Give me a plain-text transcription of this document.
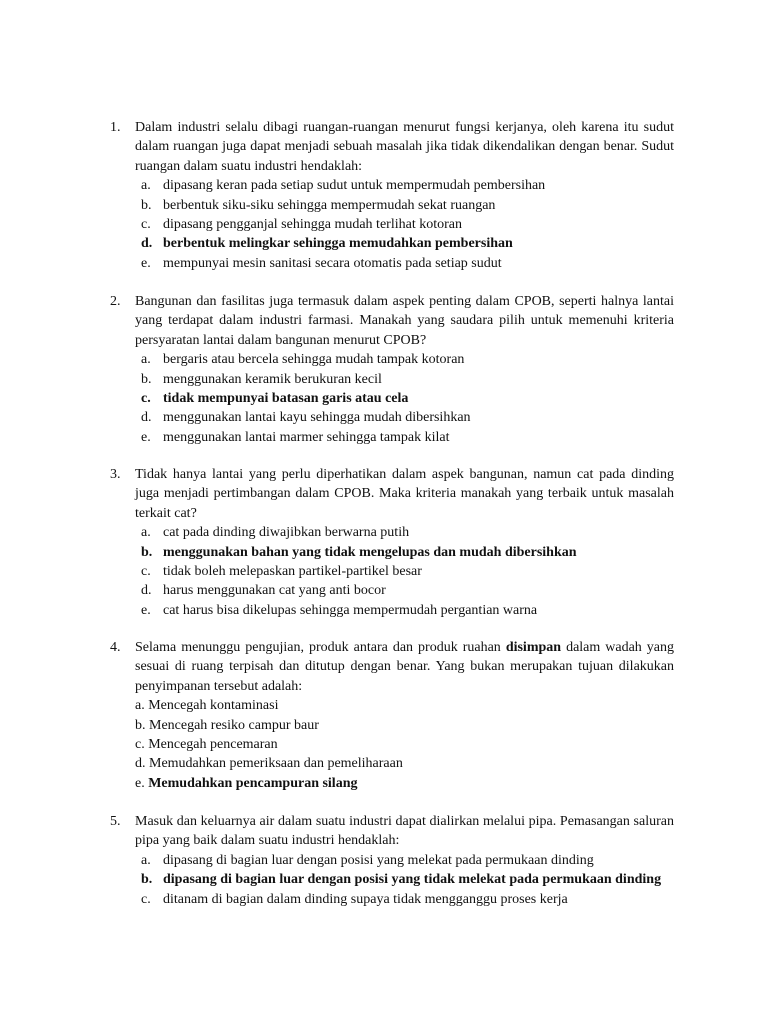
1. Dalam industri selalu dibagi ruangan-ruangan menurut fungsi kerjanya, oleh karena itu sudut dalam ruangan juga dapat menjadi sebuah masalah jika tidak dikendalikan dengan benar. Sudut ruangan dalam suatu industri hendaklah:
a. dipasang keran pada setiap sudut untuk mempermudah pembersihan
b. berbentuk siku-siku sehingga mempermudah sekat ruangan
c. dipasang pengganjal sehingga mudah terlihat kotoran
d. berbentuk melingkar sehingga memudahkan pembersihan
e. mempunyai mesin sanitasi secara otomatis pada setiap sudut
2. Bangunan dan fasilitas juga termasuk dalam aspek penting dalam CPOB, seperti halnya lantai yang terdapat dalam industri farmasi. Manakah yang saudara pilih untuk memenuhi kriteria persyaratan lantai dalam bangunan menurut CPOB?
a. bergaris atau bercela sehingga mudah tampak kotoran
b. menggunakan keramik berukuran kecil
c. tidak mempunyai batasan garis atau cela
d. menggunakan lantai kayu sehingga mudah dibersihkan
e. menggunakan lantai marmer sehingga tampak kilat
3. Tidak hanya lantai yang perlu diperhatikan dalam aspek bangunan, namun cat pada dinding juga menjadi pertimbangan dalam CPOB. Maka kriteria manakah yang terbaik untuk masalah terkait cat?
a. cat pada dinding diwajibkan berwarna putih
b. menggunakan bahan yang tidak mengelupas dan mudah dibersihkan
c. tidak boleh melepaskan partikel-partikel besar
d. harus menggunakan cat yang anti bocor
e. cat harus bisa dikelupas sehingga mempermudah pergantian warna
4. Selama menunggu pengujian, produk antara dan produk ruahan disimpan dalam wadah yang sesuai di ruang terpisah dan ditutup dengan benar. Yang bukan merupakan tujuan dilakukan penyimpanan tersebut adalah:
a. Mencegah kontaminasi
b. Mencegah resiko campur baur
c. Mencegah pencemaran
d. Memudahkan pemeriksaan dan pemeliharaan
e. Memudahkan pencampuran silang
5. Masuk dan keluarnya air dalam suatu industri dapat dialirkan melalui pipa. Pemasangan saluran pipa yang baik dalam suatu industri hendaklah:
a. dipasang di bagian luar dengan posisi yang melekat pada permukaan dinding
b. dipasang di bagian luar dengan posisi yang tidak melekat pada permukaan dinding
c. ditanam di bagian dalam dinding supaya tidak mengganggu proses kerja
